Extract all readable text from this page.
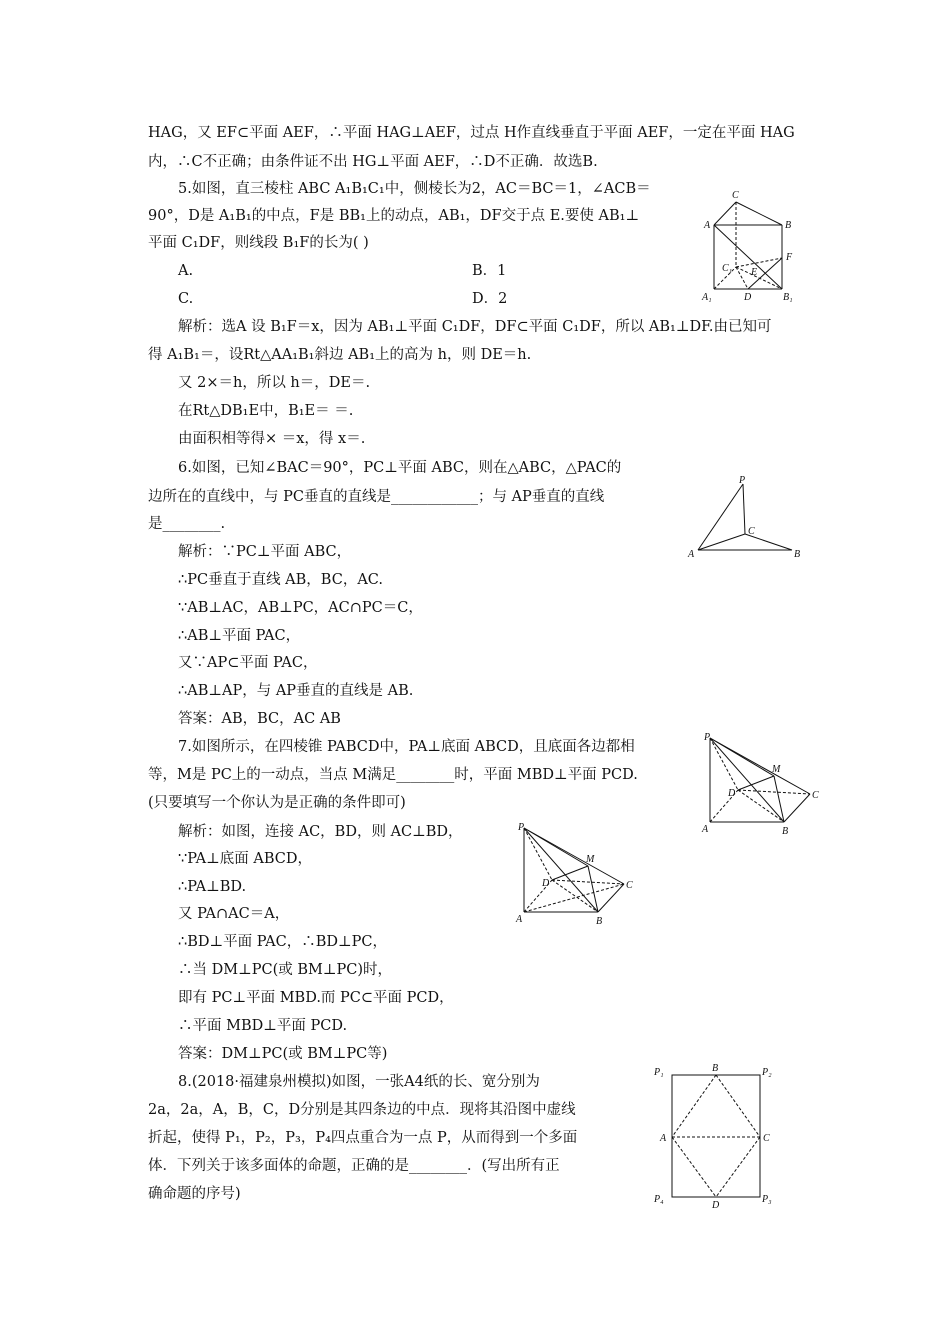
HAG，又 EF⊂平面 AEF，∴平面 HAG⊥AEF，过点 H作直线垂直于平面 AEF，一定在平面 HAG
内，∴C不正确；由条件证不出 HG⊥平面 AEF，∴D不正确．故选B.
5.如图，直三棱柱 ABC A₁B₁C₁中，侧棱长为2，AC＝BC＝1，∠ACB＝
90°，D是 A₁B₁的中点，F是 BB₁上的动点，AB₁，DF交于点 E.要使 AB₁⊥
平面 C₁DF，则线段 B₁F的长为( )
A.	B．1
C.	D．2
解析：选A 设 B₁F＝x，因为 AB₁⊥平面 C₁DF，DF⊂平面 C₁DF，所以 AB₁⊥DF.由已知可
得 A₁B₁＝，设Rt△AA₁B₁斜边 AB₁上的高为 h，则 DE＝h.
又 2×＝h，所以 h＝，DE＝.
在Rt△DB₁E中，B₁E＝ ＝.
由面积相等得× ＝x，得 x＝.
6.如图，已知∠BAC＝90°，PC⊥平面 ABC，则在△ABC，△PAC的
边所在的直线中，与 PC垂直的直线是____________；与 AP垂直的直线
是________.
解析：∵PC⊥平面 ABC，
∴PC垂直于直线 AB，BC，AC.
∵AB⊥AC，AB⊥PC，AC∩PC＝C，
∴AB⊥平面 PAC，
又∵AP⊂平面 PAC，
∴AB⊥AP，与 AP垂直的直线是 AB.
答案：AB，BC，AC AB
7.如图所示，在四棱锥 PABCD中，PA⊥底面 ABCD，且底面各边都相
等，M是 PC上的一动点，当点 M满足________时，平面 MBD⊥平面 PCD.
(只要填写一个你认为是正确的条件即可)
解析：如图，连接 AC，BD，则 AC⊥BD，
∵PA⊥底面 ABCD，
∴PA⊥BD.
又 PA∩AC＝A，
∴BD⊥平面 PAC，∴BD⊥PC，
∴当 DM⊥PC(或 BM⊥PC)时，
即有 PC⊥平面 MBD.而 PC⊂平面 PCD，
∴平面 MBD⊥平面 PCD.
答案：DM⊥PC(或 BM⊥PC等)
8.(2018·福建泉州模拟)如图，一张A4纸的长、宽分别为
2a，2a，A，B，C，D分别是其四条边的中点．现将其沿图中虚线
折起，使得 P₁，P₂，P₃，P₄四点重合为一点 P，从而得到一个多面
体．下列关于该多面体的命题，正确的是________．(写出所有正
确命题的序号)
C
A	B
F
C₁ E
A₁	D	B₁
P
C
A	B
P
M
D	C
A	B
P
M
D	C
A	B
P₁	B	P₂
A	C
P₄
D
P₃
